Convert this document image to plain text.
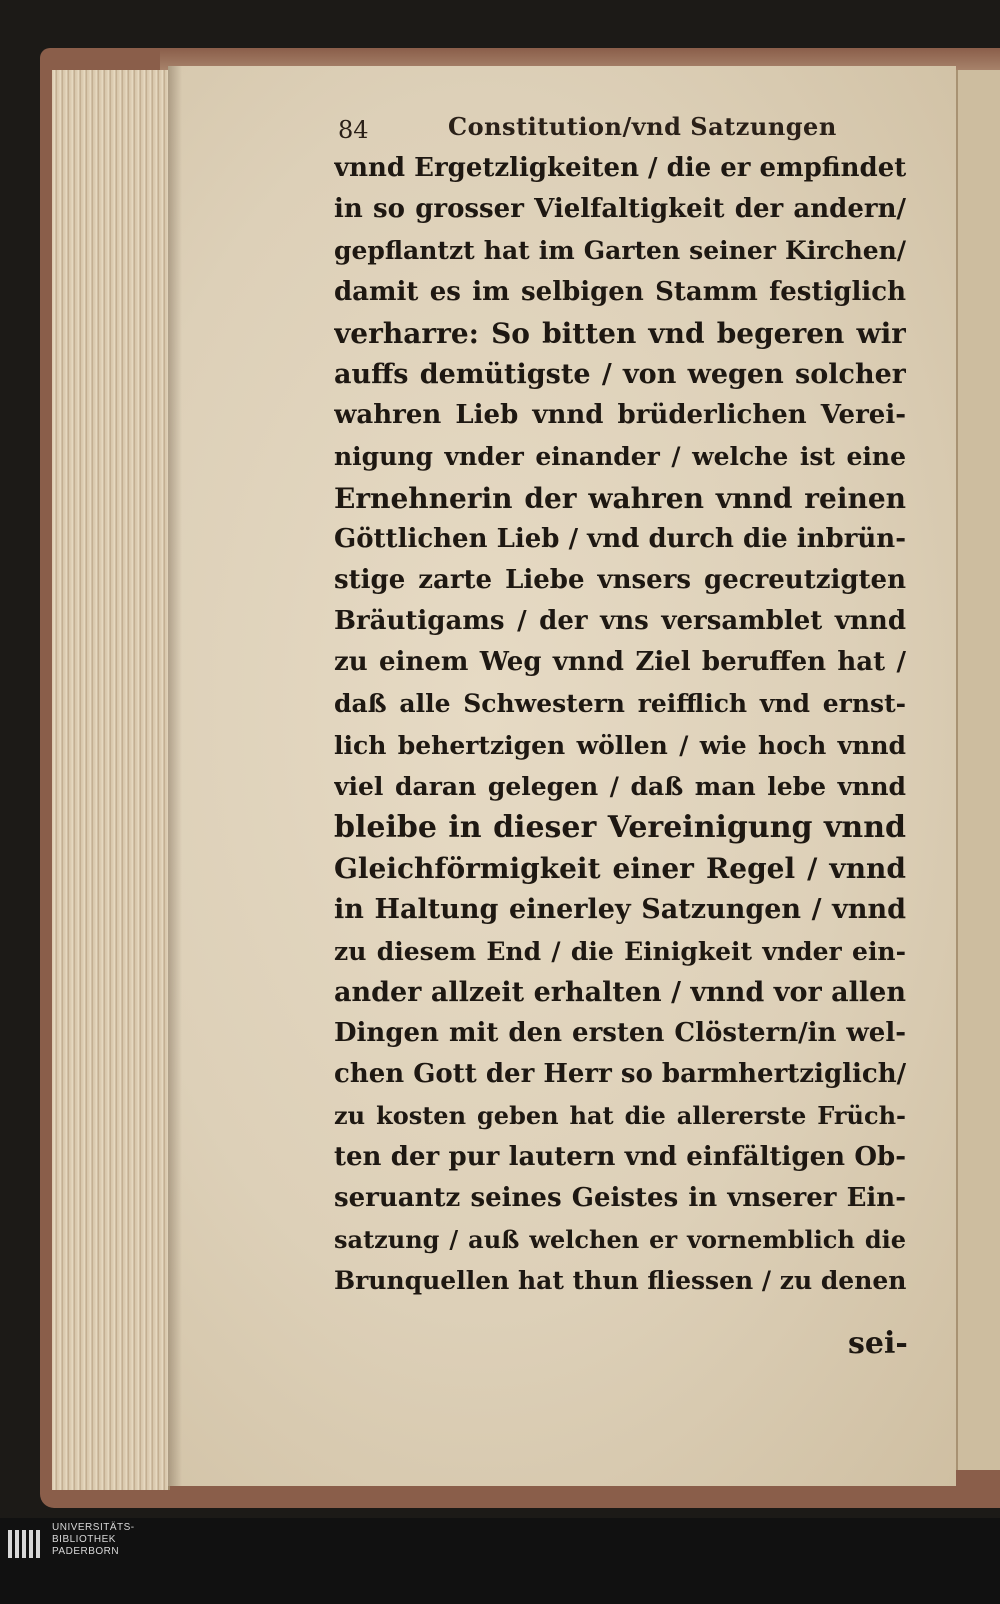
84	Constitution/vnd Satzungen
vnnd Ergetzligkeiten / die er empfindet
in so grosser Vielfaltigkeit der andern/
gepflantzt hat im Garten seiner Kirchen/
damit es im selbigen Stamm festiglich
verharre: So bitten vnd begeren wir
auffs demütigste / von wegen solcher
wahren Lieb vnnd brüderlichen Verei-
nigung vnder einander / welche ist eine
Ernehnerin der wahren vnnd reinen
Göttlichen Lieb / vnd durch die inbrün-
stige zarte Liebe vnsers gecreutzigten
Bräutigams / der vns versamblet vnnd
zu einem Weg vnnd Ziel beruffen hat /
daß alle Schwestern reifflich vnd ernst-
lich behertzigen wöllen / wie hoch vnnd
viel daran gelegen / daß man lebe vnnd
bleibe in dieser Vereinigung vnnd
Gleichförmigkeit einer Regel / vnnd
in Haltung einerley Satzungen / vnnd
zu diesem End / die Einigkeit vnder ein-
ander allzeit erhalten / vnnd vor allen
Dingen mit den ersten Clöstern/in wel-
chen Gott der Herr so barmhertziglich/
zu kosten geben hat die allererste Früch-
ten der pur lautern vnd einfältigen Ob-
seruantz seines Geistes in vnserer Ein-
satzung / auß welchen er vornemblich die
Brunquellen hat thun fliessen / zu denen
sei-
UNIVERSITÄTS-
BIBLIOTHEK
PADERBORN
